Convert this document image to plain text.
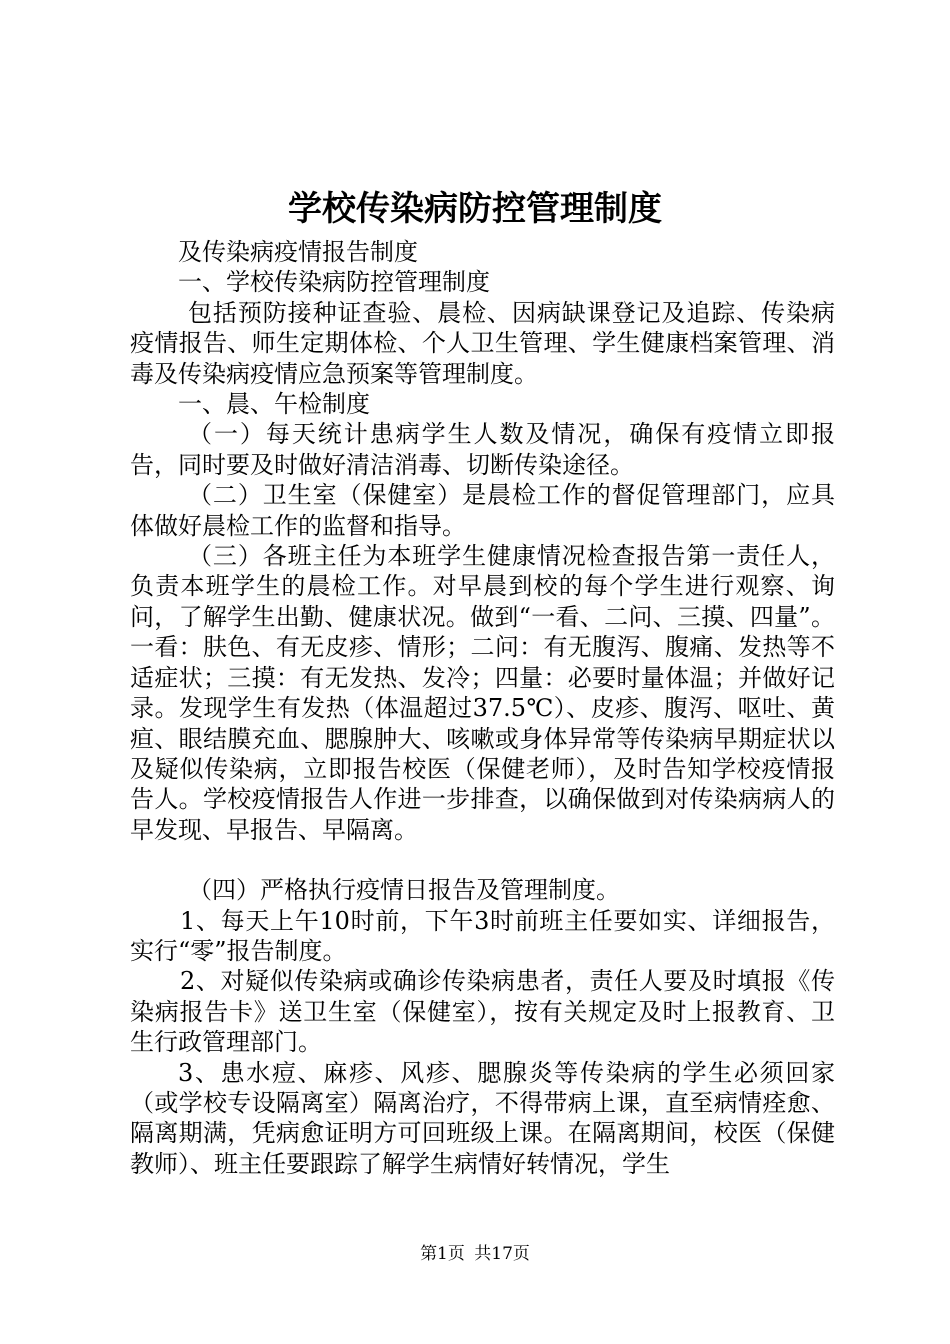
学校传染病防控管理制度

及传染病疫情报告制度

一、学校传染病防控管理制度

包括预防接种证查验、晨检、因病缺课登记及追踪、传染病疫情报告、师生定期体检、个人卫生管理、学生健康档案管理、消毒及传染病疫情应急预案等管理制度。

一、晨、午检制度

（一）每天统计患病学生人数及情况，确保有疫情立即报告，同时要及时做好清洁消毒、切断传染途径。

（二）卫生室（保健室）是晨检工作的督促管理部门，应具体做好晨检工作的监督和指导。

（三）各班主任为本班学生健康情况检查报告第一责任人，负责本班学生的晨检工作。对早晨到校的每个学生进行观察、询问，了解学生出勤、健康状况。做到“一看、二问、三摸、四量”。一看：肤色、有无皮疹、情形；二问：有无腹泻、腹痛、发热等不适症状；三摸：有无发热、发冷；四量：必要时量体温；并做好记录。发现学生有发热（体温超过37.5℃）、皮疹、腹泻、呕吐、黄疸、眼结膜充血、腮腺肿大、咳嗽或身体异常等传染病早期症状以及疑似传染病，立即报告校医（保健老师），及时告知学校疫情报告人。学校疫情报告人作进一步排查，以确保做到对传染病病人的早发现、早报告、早隔离。

（四）严格执行疫情日报告及管理制度。

1、每天上午10时前，下午3时前班主任要如实、详细报告，实行“零”报告制度。

2、对疑似传染病或确诊传染病患者，责任人要及时填报《传染病报告卡》送卫生室（保健室），按有关规定及时上报教育、卫生行政管理部门。

3、患水痘、麻疹、风疹、腮腺炎等传染病的学生必须回家（或学校专设隔离室）隔离治疗，不得带病上课，直至病情痊愈、隔离期满，凭病愈证明方可回班级上课。在隔离期间，校医（保健教师）、班主任要跟踪了解学生病情好转情况，学生

第1页 共17页
